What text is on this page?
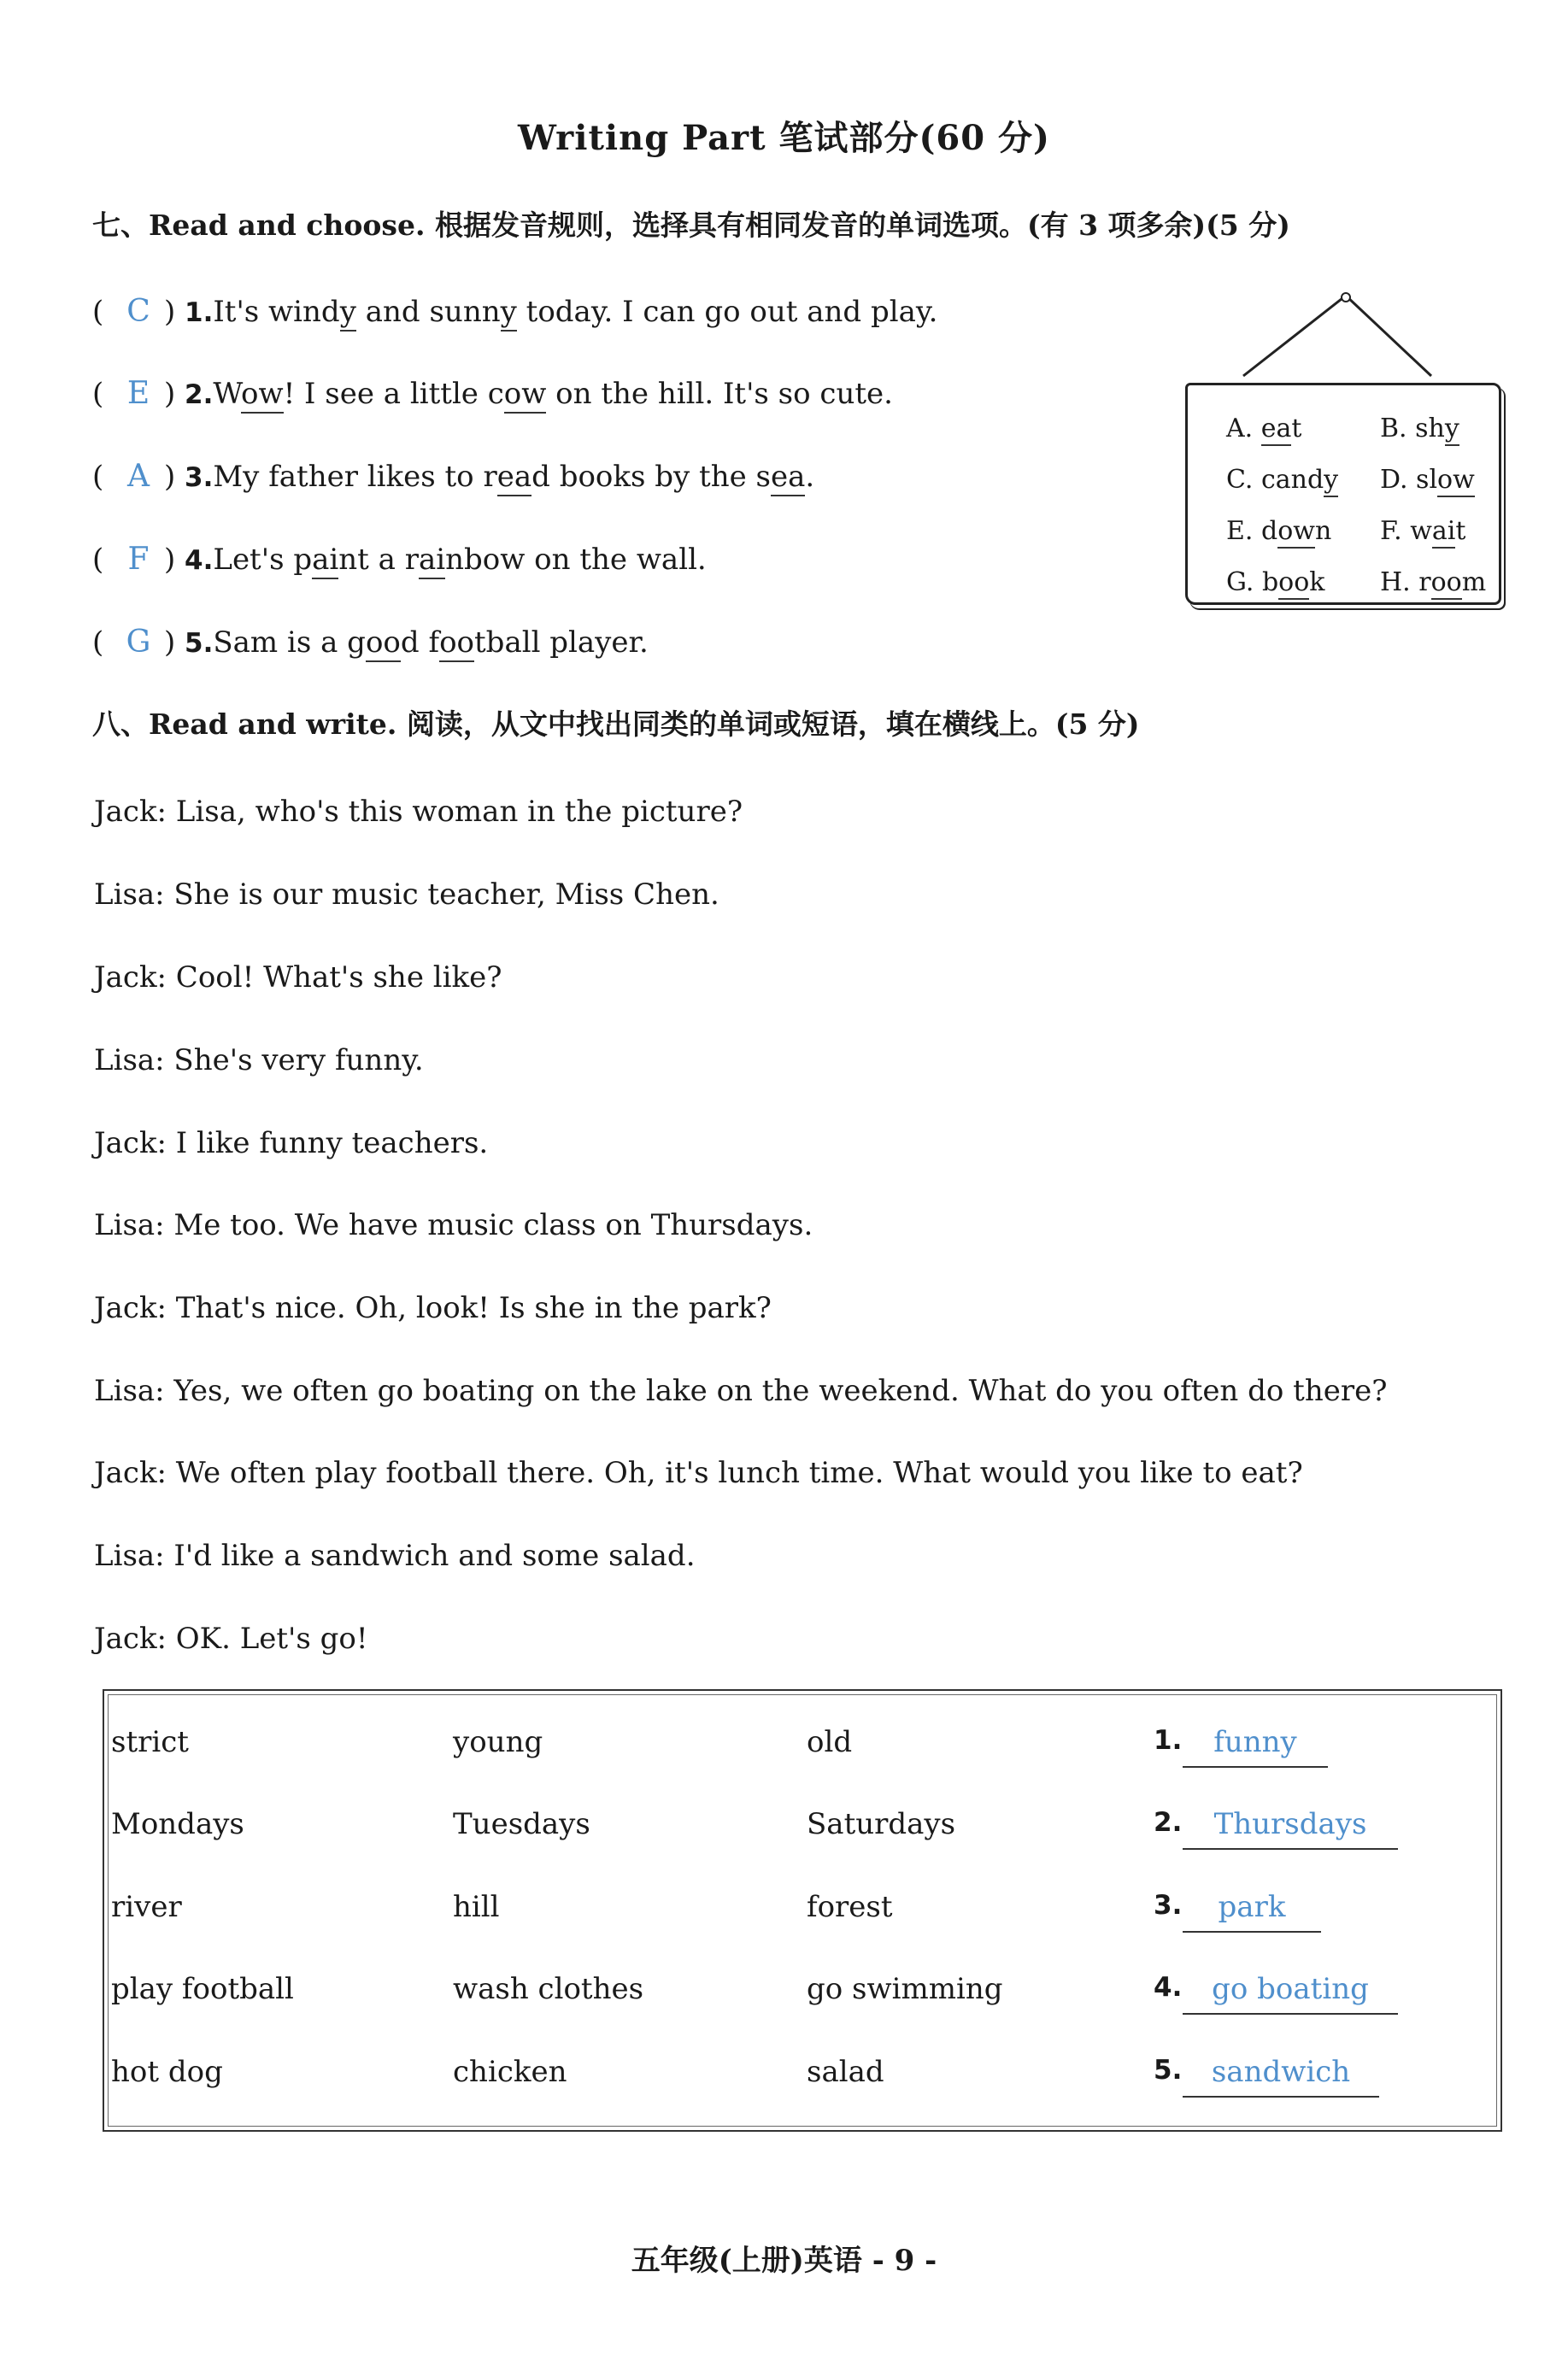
Writing Part 笔试部分(60 分)
七、Read and choose. 根据发音规则，选择具有相同发音的单词选项。(有 3 项多余)(5 分)
( C ) 1.It's windy and sunny today. I can go out and play.
( E ) 2.Wow! I see a little cow on the hill. It's so cute.
( A ) 3.My father likes to read books by the sea.
( F ) 4.Let's paint a rainbow on the wall.
( G ) 5.Sam is a good football player.
A. eat	B. shy
C. candy	D. slow
E. down	F. wait
G. book	H. room
八、Read and write. 阅读，从文中找出同类的单词或短语，填在横线上。(5 分)
Jack: Lisa, who's this woman in the picture?
Lisa: She is our music teacher, Miss Chen.
Jack: Cool! What's she like?
Lisa: She's very funny.
Jack: I like funny teachers.
Lisa: Me too. We have music class on Thursdays.
Jack: That's nice. Oh, look! Is she in the park?
Lisa: Yes, we often go boating on the lake on the weekend. What do you often do there?
Jack: We often play football there. Oh, it's lunch time. What would you like to eat?
Lisa: I'd like a sandwich and some salad.
Jack: OK. Let's go!
strict	young	old	1.	funny
Mondays	Tuesdays	Saturdays	2.	Thursdays
river	hill	forest	3.	park
play football	wash clothes	go swimming	4.	go boating
hot dog	chicken	salad	5.	sandwich
五年级(上册)英语 - 9 -
